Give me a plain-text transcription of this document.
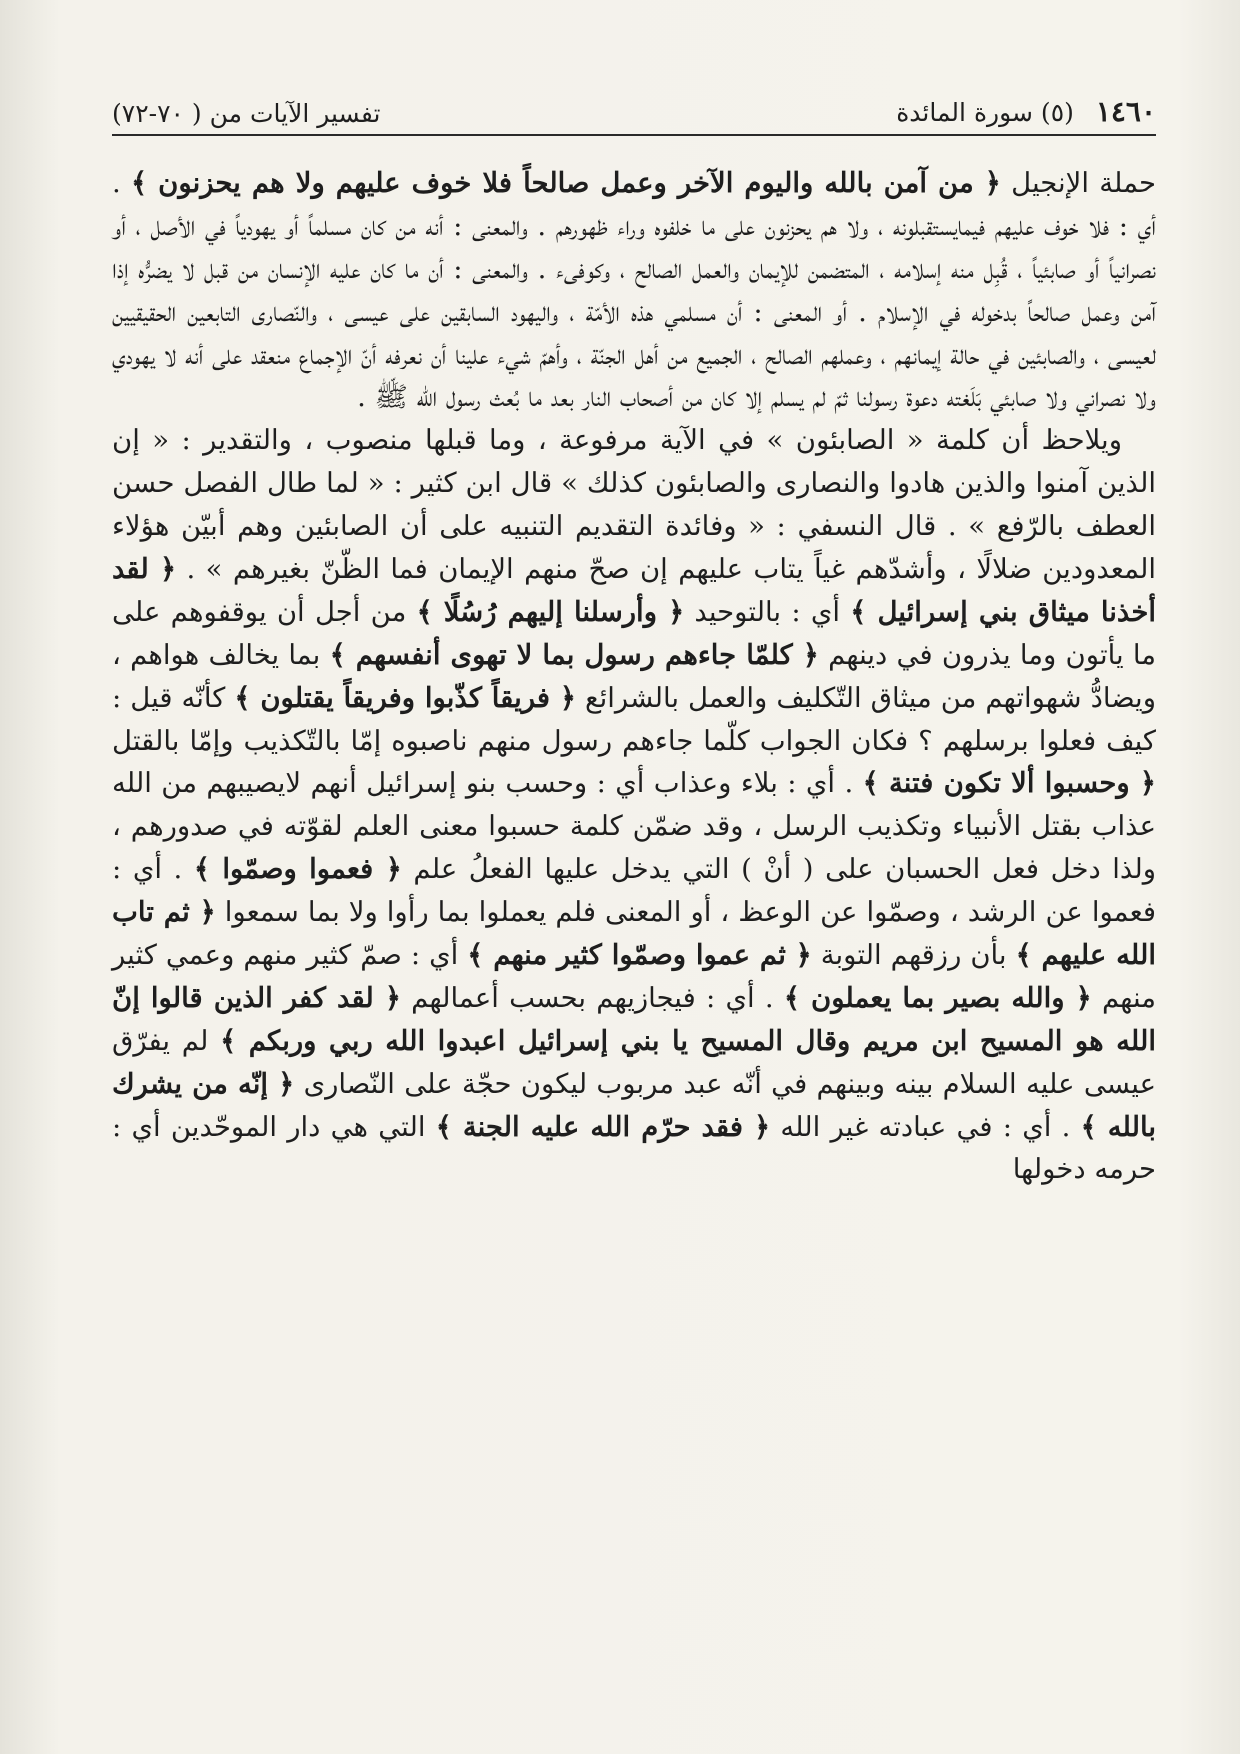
١٤٦٠ (٥) سورة المائدة
تفسير الآيات من ( ٧٠-٧٢)

حملة الإنجيل ﴿ من آمن بالله واليوم الآخر وعمل صالحاً فلا خوف عليهم ولا هم يحزنون ﴾ . أي : فلا خوف عليهم فيمايستقبلونه ، ولا هم يحزنون على ما خلفوه وراء ظهورهم . والمعنى : أنه من كان مسلماً أو يهودياً في الأصل ، أو نصرانياً أو صابئياً ، قُبِل منه إسلامه ، المتضمن للإيمان والعمل الصالح ، وكوفىء . والمعنى : أن ما كان عليه الإنسان من قبل لا يضرُّه إذا آمن وعمل صالحاً بدخوله في الإسلام . أو المعنى : أن مسلمي هذه الأمّة ، واليهود السابقين على عيسى ، والنّصارى التابعين الحقيقيين لعيسى ، والصابئين في حالة إيمانهم ، وعملهم الصالح ، الجميع من أهل الجنّة ، وأهمّ شيء علينا أن نعرفه أنّ الإجماع منعقد على أنه لا يهودي ولا نصراني ولا صابئي بَلَغته دعوة رسولنا ثمّ لم يسلم إلا كان من أصحاب النار بعد ما بُعث رسول الله ﷺ .

ويلاحظ أن كلمة « الصابئون » في الآية مرفوعة ، وما قبلها منصوب ، والتقدير : « إن الذين آمنوا والذين هادوا والنصارى والصابئون كذلك » قال ابن كثير : « لما طال الفصل حسن العطف بالرّفع » . قال النسفي : « وفائدة التقديم التنبيه على أن الصابئين وهم أبيّن هؤلاء المعدودين ضلالًا ، وأشدّهم غياً يتاب عليهم إن صحّ منهم الإيمان فما الظّنّ بغيرهم » . ﴿ لقد أخذنا ميثاق بني إسرائيل ﴾ أي : بالتوحيد ﴿ وأرسلنا إليهم رُسُلًا ﴾ من أجل أن يوقفوهم على ما يأتون وما يذرون في دينهم ﴿ كلمّا جاءهم رسول بما لا تهوى أنفسهم ﴾ بما يخالف هواهم ، ويضادُّ شهواتهم من ميثاق التّكليف والعمل بالشرائع ﴿ فريقاً كذّبوا وفريقاً يقتلون ﴾ كأنّه قيل : كيف فعلوا برسلهم ؟ فكان الجواب كلّما جاءهم رسول منهم ناصبوه إمّا بالتّكذيب وإمّا بالقتل ﴿ وحسبوا ألا تكون فتنة ﴾ . أي : بلاء وعذاب أي : وحسب بنو إسرائيل أنهم لايصيبهم من الله عذاب بقتل الأنبياء وتكذيب الرسل ، وقد ضمّن كلمة حسبوا معنى العلم لقوّته في صدورهم ، ولذا دخل فعل الحسبان على ( أنْ ) التي يدخل عليها الفعلُ علم ﴿ فعموا وصمّوا ﴾ . أي : فعموا عن الرشد ، وصمّوا عن الوعظ ، أو المعنى فلم يعملوا بما رأوا ولا بما سمعوا ﴿ ثم تاب الله عليهم ﴾ بأن رزقهم التوبة ﴿ ثم عموا وصمّوا كثير منهم ﴾ أي : صمّ كثير منهم وعمي كثير منهم ﴿ والله بصير بما يعملون ﴾ . أي : فيجازيهم بحسب أعمالهم ﴿ لقد كفر الذين قالوا إنّ الله هو المسيح ابن مريم وقال المسيح يا بني إسرائيل اعبدوا الله ربي وربكم ﴾ لم يفرّق عيسى عليه السلام بينه وبينهم في أنّه عبد مربوب ليكون حجّة على النّصارى ﴿ إنّه من يشرك بالله ﴾ . أي : في عبادته غير الله ﴿ فقد حرّم الله عليه الجنة ﴾ التي هي دار الموحّدين أي : حرمه دخولها
